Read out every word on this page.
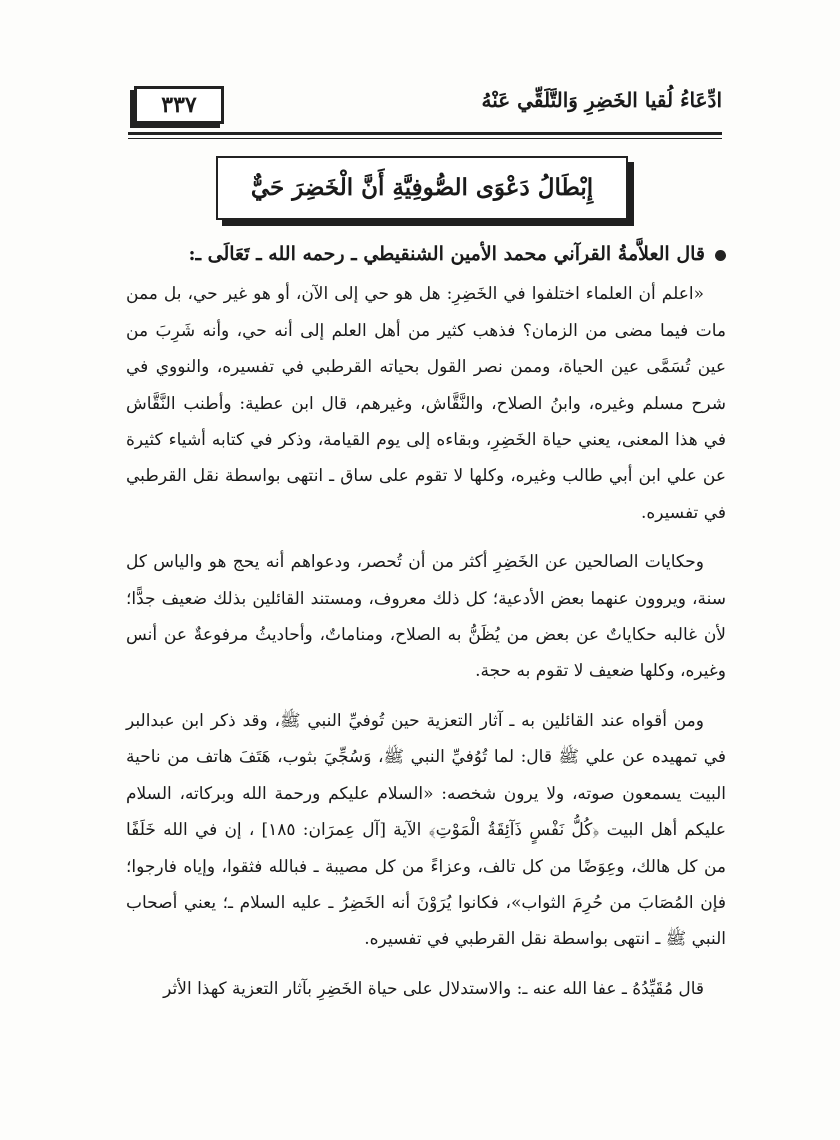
ادِّعَاءُ لُقيا الخَضِرِ وَالتَّلَقِّي عَنْهُ
٣٣٧
إِبْطَالُ دَعْوَى الصُّوفِيَّةِ أَنَّ الْخَضِرَ حَيٌّ

قال العلاَّمةُ القرآني محمد الأمين الشنقيطي ـ رحمه الله ـ تَعَالَى ـ:

«اعلم أن العلماء اختلفوا في الخَضِرِ: هل هو حي إلى الآن، أو هو غير حي، بل ممن مات فيما مضى من الزمان؟ فذهب كثير من أهل العلم إلى أنه حي، وأنه شَرِبَ من عين تُسَمَّى عين الحياة، وممن نصر القول بحياته القرطبي في تفسيره، والنووي في شرح مسلم وغيره، وابنُ الصلاح، والنَّقَّاش، وغيرهم، قال ابن عطية: وأطنب النَّقَّاش في هذا المعنى، يعني حياة الخَضِرِ، وبقاءه إلى يوم القيامة، وذكر في كتابه أشياء كثيرة عن علي ابن أبي طالب وغيره، وكلها لا تقوم على ساق ـ انتهى بواسطة نقل القرطبي في تفسيره.

وحكايات الصالحين عن الخَضِرِ أكثر من أن تُحصر، ودعواهم أنه يحج هو والياس كل سنة، ويروون عنهما بعض الأدعية؛ كل ذلك معروف، ومستند القائلين بذلك ضعيف جدًّا؛ لأن غالبه حكاياتٌ عن بعض من يُظَنُّ به الصلاح، ومناماتٌ، وأحاديثُ مرفوعةٌ عن أنس وغيره، وكلها ضعيف لا تقوم به حجة.

ومن أقواه عند القائلين به ـ آثار التعزية حين تُوفيِّ النبي ﷺ، وقد ذكر ابن عبدالبر في تمهيده عن علي ﷺ قال: لما تُوُفيِّ النبي ﷺ، وَسُجِّيَ بثوب، هَتَفَ هاتف من ناحية البيت يسمعون صوته، ولا يرون شخصه: «السلام عليكم ورحمة الله وبركاته، السلام عليكم أهل البيت ﴿كُلُّ نَفْسٍ ذَآئِقَةُ الْمَوْتِ﴾ الآية [آل عِمرَان: ١٨٥] ، إن في الله خَلَفًا من كل هالك، وعِوَضًا من كل تالف، وعزاءً من كل مصيبة ـ فبالله فثقوا، وإياه فارجوا؛ فإن المُصَابَ من حُرِمَ الثواب»، فكانوا يُرَوْنَ أنه الخَضِرُ ـ عليه السلام ـ؛ يعني أصحاب النبي ﷺ ـ انتهى بواسطة نقل القرطبي في تفسيره.

قال مُقَيِّدُهُ ـ عفا الله عنه ـ: والاستدلال على حياة الخَضِرِ بآثار التعزية كهذا الأثر
